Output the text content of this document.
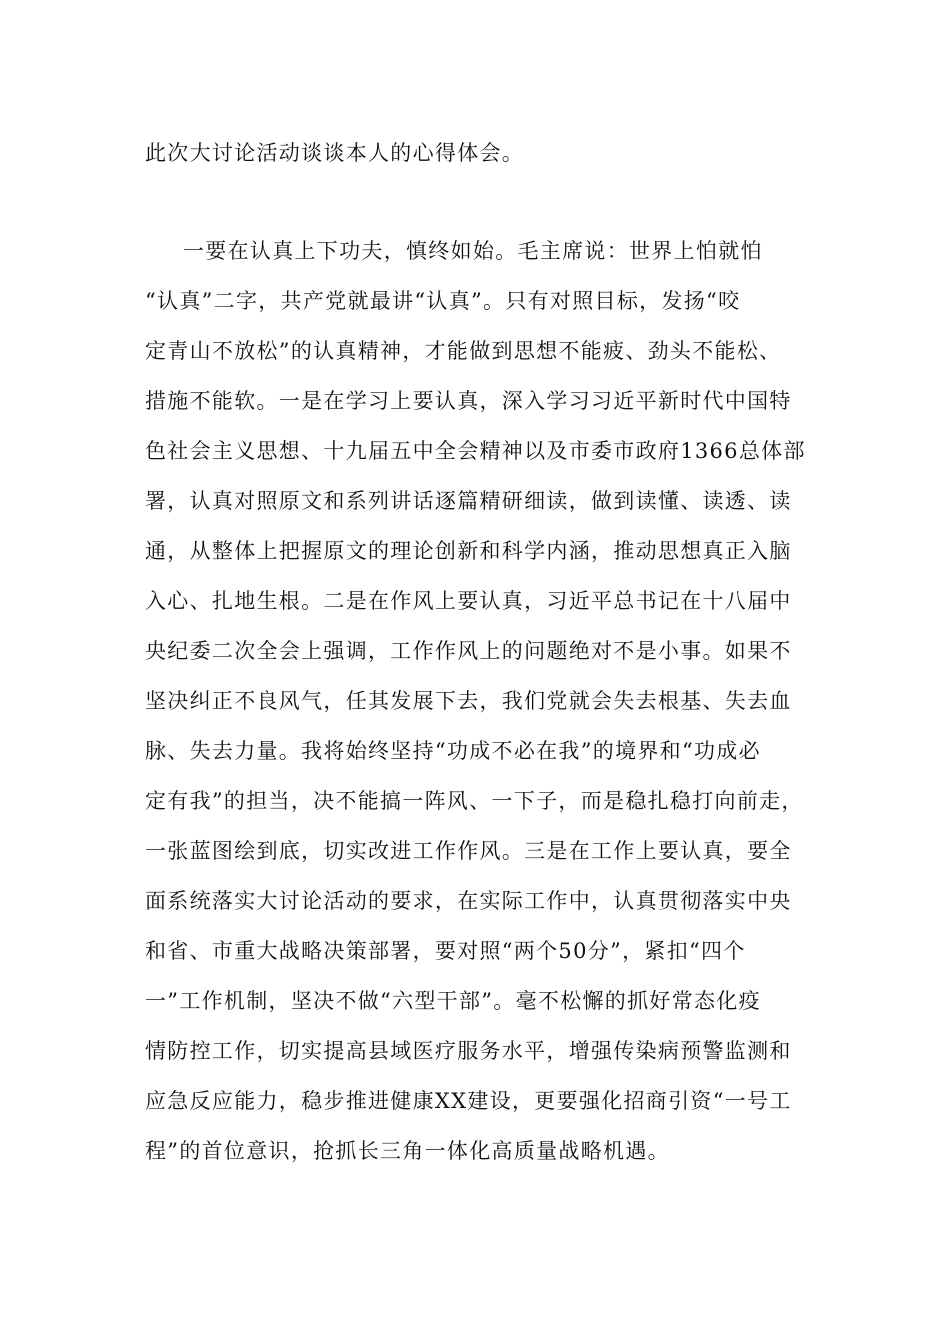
此次大讨论活动谈谈本人的心得体会。
一要在认真上下功夫，慎终如始。毛主席说：世界上怕就怕
“认真”二字，共产党就最讲“认真”。只有对照目标，发扬“咬
定青山不放松”的认真精神，才能做到思想不能疲、劲头不能松、
措施不能软。一是在学习上要认真，深入学习习近平新时代中国特
色社会主义思想、十九届五中全会精神以及市委市政府1366总体部
署，认真对照原文和系列讲话逐篇精研细读，做到读懂、读透、读
通，从整体上把握原文的理论创新和科学内涵，推动思想真正入脑
入心、扎地生根。二是在作风上要认真，习近平总书记在十八届中
央纪委二次全会上强调，工作作风上的问题绝对不是小事。如果不
坚决纠正不良风气，任其发展下去，我们党就会失去根基、失去血
脉、失去力量。我将始终坚持“功成不必在我”的境界和“功成必
定有我”的担当，决不能搞一阵风、一下子，而是稳扎稳打向前走，
一张蓝图绘到底，切实改进工作作风。三是在工作上要认真，要全
面系统落实大讨论活动的要求，在实际工作中，认真贯彻落实中央
和省、市重大战略决策部署，要对照“两个50分”，紧扣“四个
一”工作机制，坚决不做“六型干部”。毫不松懈的抓好常态化疫
情防控工作，切实提高县域医疗服务水平，增强传染病预警监测和
应急反应能力，稳步推进健康XX建设，更要强化招商引资“一号工
程”的首位意识，抢抓长三角一体化高质量战略机遇。
